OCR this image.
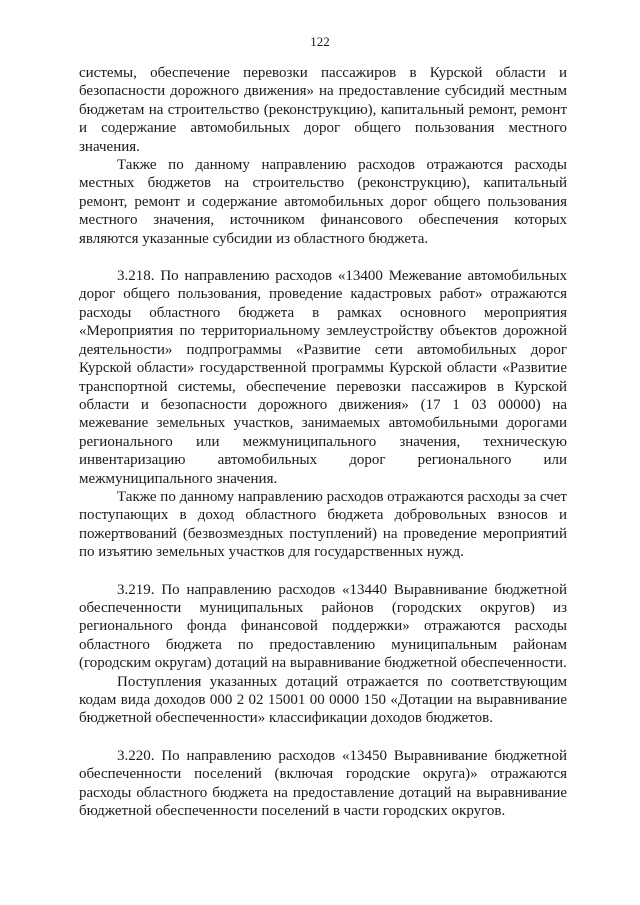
122

системы, обеспечение перевозки пассажиров в Курской области и безопасности дорожного движения» на предоставление субсидий местным бюджетам на строительство (реконструкцию), капитальный ремонт, ремонт и содержание автомобильных дорог общего пользования местного значения.

Также по данному направлению расходов отражаются расходы местных бюджетов на строительство (реконструкцию), капитальный ремонт, ремонт и содержание автомобильных дорог общего пользования местного значения, источником финансового обеспечения которых являются указанные субсидии из областного бюджета.

3.218. По направлению расходов «13400 Межевание автомобильных дорог общего пользования, проведение кадастровых работ» отражаются расходы областного бюджета в рамках основного мероприятия «Мероприятия по территориальному землеустройству объектов дорожной деятельности» подпрограммы «Развитие сети автомобильных дорог Курской области» государственной программы Курской области «Развитие транспортной системы, обеспечение перевозки пассажиров в Курской области и безопасности дорожного движения» (17 1 03 00000) на межевание земельных участков, занимаемых автомобильными дорогами регионального или межмуниципального значения, техническую инвентаризацию автомобильных дорог регионального или межмуниципального значения.

Также по данному направлению расходов отражаются расходы за счет поступающих в доход областного бюджета добровольных взносов и пожертвований (безвозмездных поступлений) на проведение мероприятий по изъятию земельных участков для государственных нужд.

3.219. По направлению расходов «13440 Выравнивание бюджетной обеспеченности муниципальных районов (городских округов) из регионального фонда финансовой поддержки» отражаются расходы областного бюджета по предоставлению муниципальным районам (городским округам) дотаций на выравнивание бюджетной обеспеченности.

Поступления указанных дотаций отражается по соответствующим кодам вида доходов 000 2 02 15001 00 0000 150 «Дотации на выравнивание бюджетной обеспеченности» классификации доходов бюджетов.

3.220. По направлению расходов «13450 Выравнивание бюджетной обеспеченности поселений (включая городские округа)» отражаются расходы областного бюджета на предоставление дотаций на выравнивание бюджетной обеспеченности поселений в части городских округов.
